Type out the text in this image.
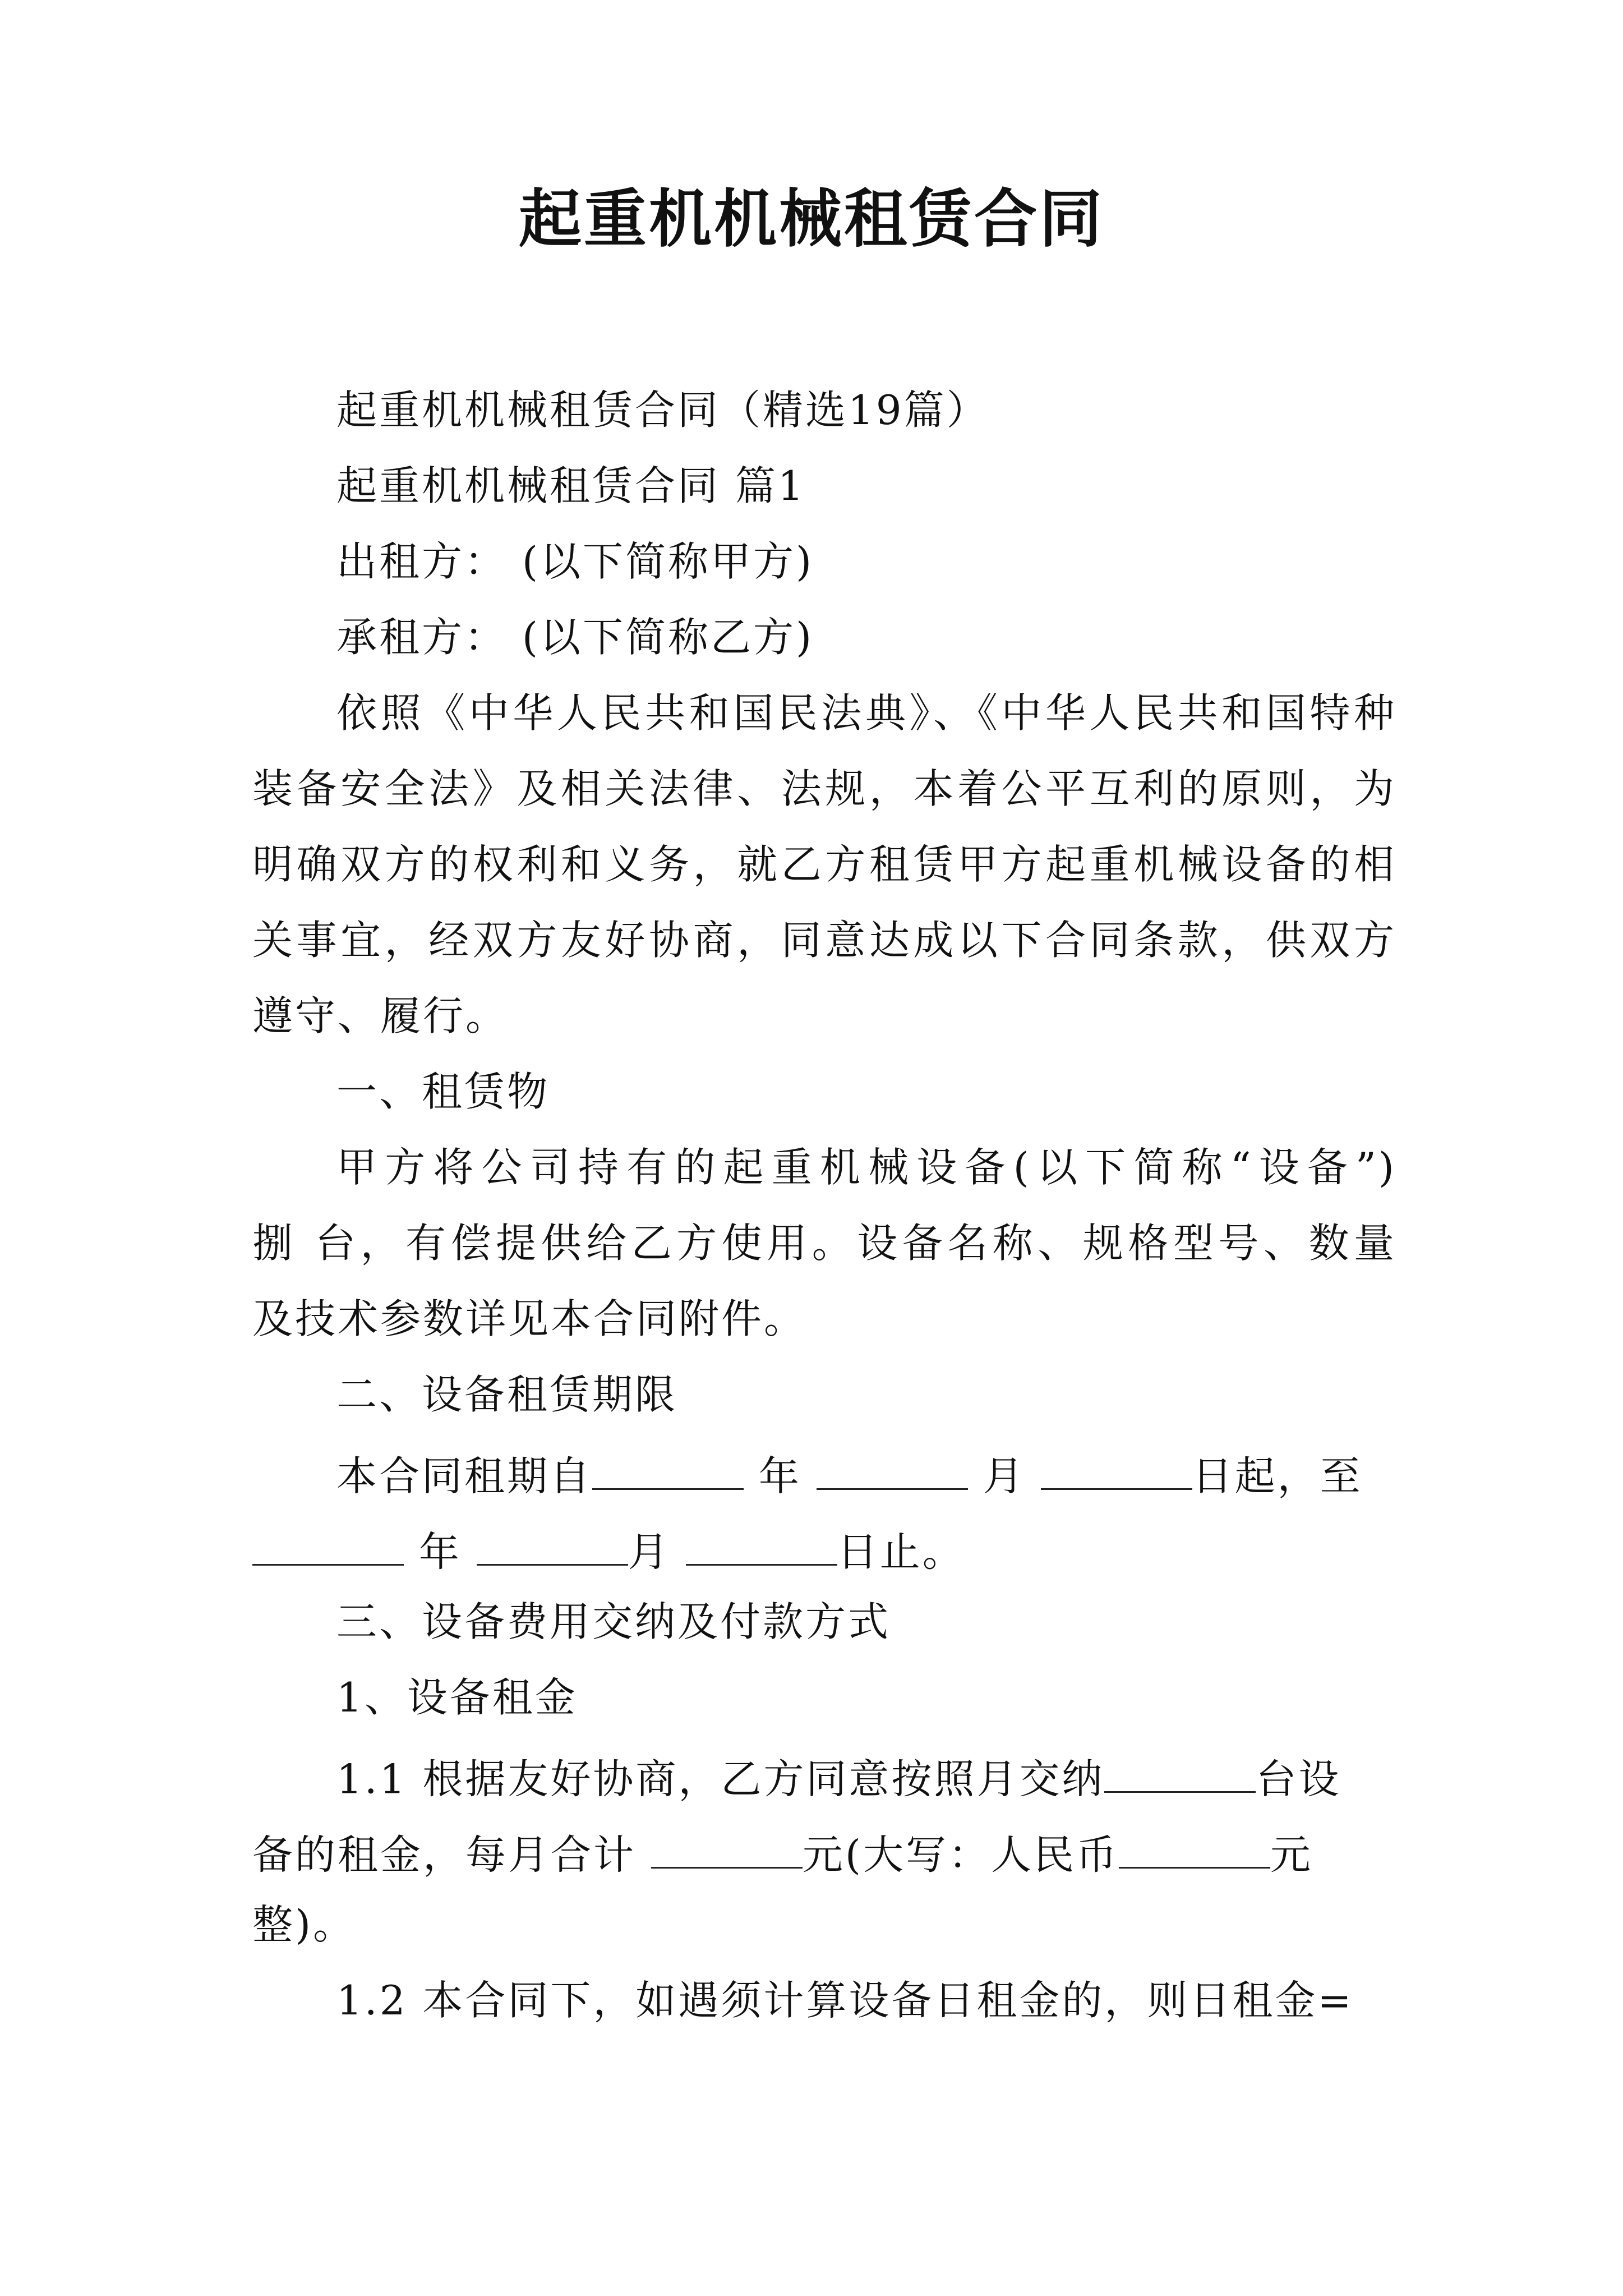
起重机机械租赁合同

起重机机械租赁合同（精选19篇）

起重机机械租赁合同 篇1

出租方： (以下简称甲方)

承租方： (以下简称乙方)

依照《中华人民共和国民法典》、《中华人民共和国特种

装备安全法》及相关法律、法规，本着公平互利的原则，为

明确双方的权利和义务，就乙方租赁甲方起重机械设备的相

关事宜，经双方友好协商，同意达成以下合同条款，供双方

遵守、履行。

一、租赁物

甲方将公司持有的起重机械设备(以下简称“设备”)

捌 台，有偿提供给乙方使用。设备名称、规格型号、数量

及技术参数详见本合同附件。

二、设备租赁期限

本合同租期自	年	月	日起，至

年	月	日止。

三、设备费用交纳及付款方式

1、设备租金

1.1 根据友好协商，乙方同意按照月交纳	台设

备的租金，每月合计	元(大写：人民币	元

整)。

1.2 本合同下，如遇须计算设备日租金的，则日租金=
